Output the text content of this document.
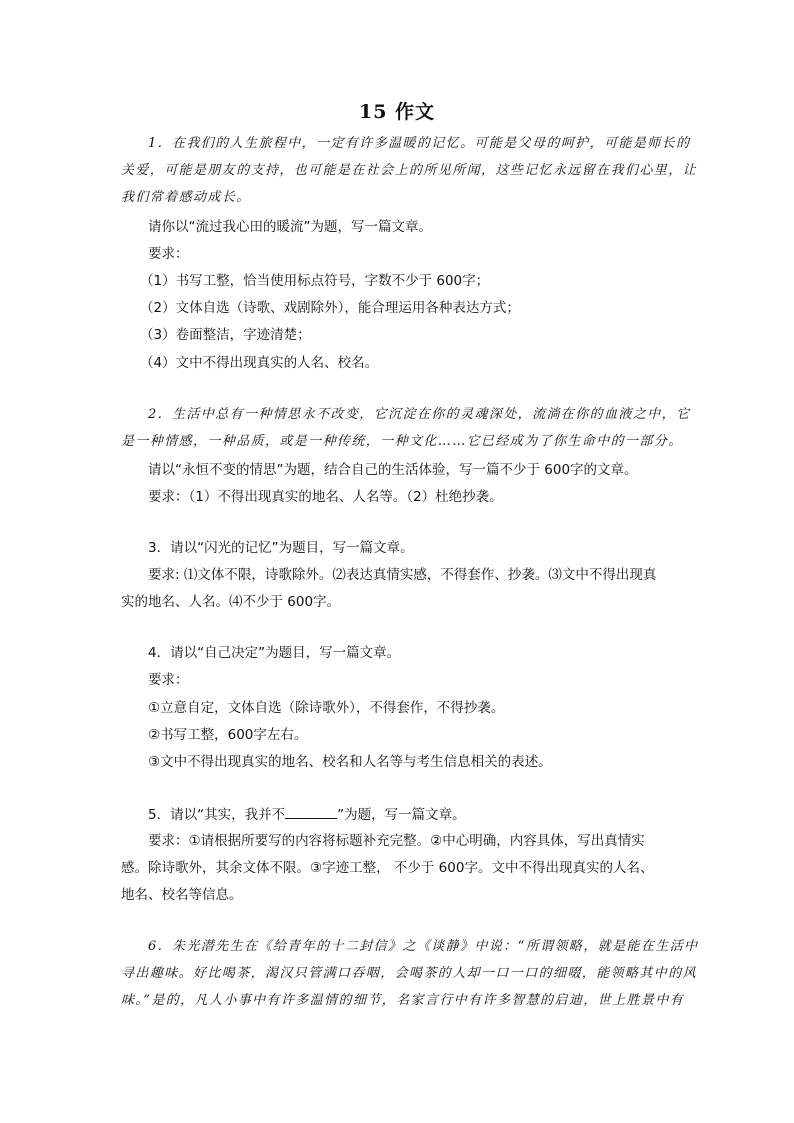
15 作文
1．在我们的人生旅程中，一定有许多温暖的记忆。可能是父母的呵护，可能是师长的
关爱，可能是朋友的支持，也可能是在社会上的所见所闻，这些记忆永远留在我们心里，让
我们常着感动成长。
请你以“流过我心田的暖流”为题，写一篇文章。
要求：
（1）书写工整，恰当使用标点符号，字数不少于 600字；
（2）文体自选（诗歌、戏剧除外），能合理运用各种表达方式；
（3）卷面整洁，字迹清楚；
（4）文中不得出现真实的人名、校名。
2．生活中总有一种情思永不改变，它沉淀在你的灵魂深处，流淌在你的血液之中，它
是一种情感，一种品质，或是一种传统，一种文化……它已经成为了你生命中的一部分。
请以“永恒不变的情思”为题，结合自己的生活体验，写一篇不少于 600字的文章。
要求：（1）不得出现真实的地名、人名等。（2）杜绝抄袭。
3．请以“闪光的记忆”为题目，写一篇文章。
要求: ⑴文体不限，诗歌除外。⑵表达真情实感，不得套作、抄袭。⑶文中不得出现真
实的地名、人名。⑷不少于 600字。
4．请以“自己决定”为题目，写一篇文章。
要求：
①立意自定，文体自选（除诗歌外），不得套作，不得抄袭。
②书写工整，600字左右。
③文中不得出现真实的地名、校名和人名等与考生信息相关的表述。
5．请以“其实，我并不	”为题，写一篇文章。
要求：①请根据所要写的内容将标题补充完整。②中心明确，内容具体，写出真情实
感。除诗歌外，其余文体不限。③字迹工整， 不少于 600字。文中不得出现真实的人名、
地名、校名等信息。
6．朱光潜先生在《给青年的十二封信》之《谈静》中说：“所谓领略，就是能在生活中
寻出趣味。好比喝茶，渴汉只管满口吞咽，会喝茶的人却一口一口的细啜，能领略其中的风
味。”是的，凡人小事中有许多温情的细节，名家言行中有许多智慧的启迪，世上胜景中有
